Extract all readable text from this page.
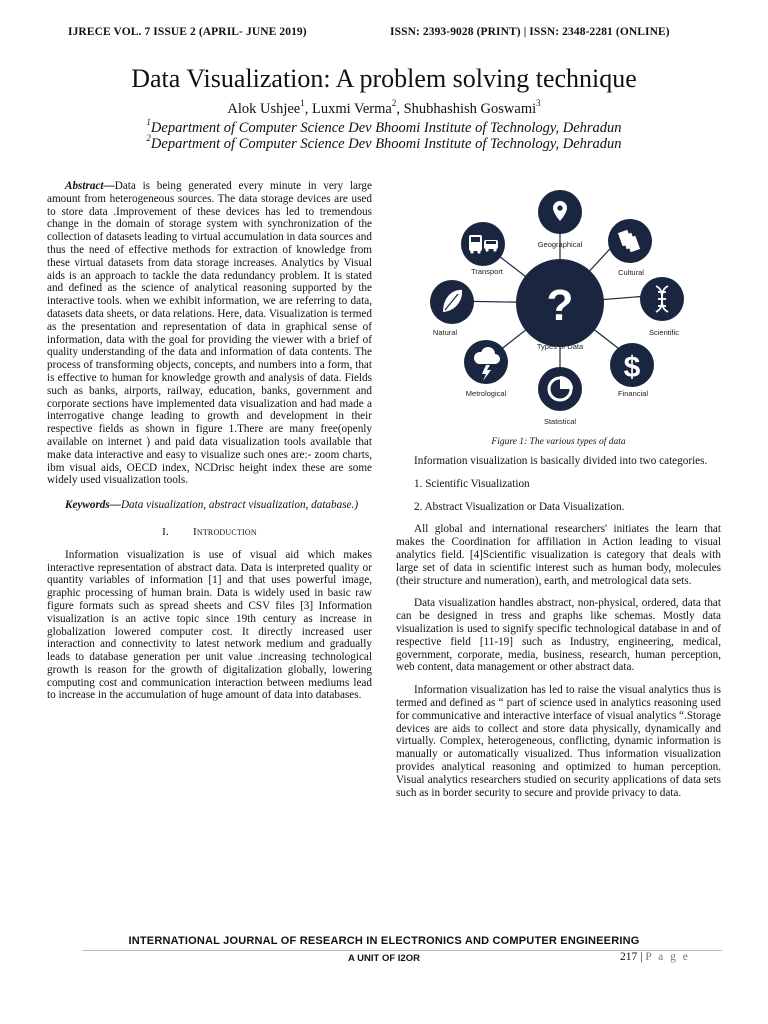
IJRECE VOL. 7 ISSUE 2 (APRIL- JUNE 2019)	ISSN: 2393-9028 (PRINT) | ISSN: 2348-2281 (ONLINE)
Data Visualization: A problem solving technique
Alok Ushjee$^1$, Luxmi Verma$^2$, Shubhashish Goswami$^3$
$^1$Department of Computer Science Dev Bhoomi Institute of Technology, Dehradun
$^2$Department of Computer Science Dev Bhoomi Institute of Technology, Dehradun

Abstract—Data is being generated every minute in very large amount from heterogeneous sources. The data storage devices are used to store data .Improvement of these devices has led to tremendous change in the domain of storage system with synchronization of the collection of datasets leading to virtual accumulation in data sources and thus the need of effective methods for extraction of knowledge from these virtual datasets from data storage increases. Analytics by Visual aids is an approach to tackle the data redundancy problem. It is stated and defined as the science of analytical reasoning supported by the interactive tools. when we exhibit information, we are referring to data, datasets data sheets, or data relations. Here, data. Visualization is termed as the presentation and representation of data in graphical sense of information, data with the goal for providing the viewer with a brief of quality understanding of the data and information of data contents. The process of transforming objects, concepts, and numbers into a form, that is effective to human for knowledge growth and analysis of data. Fields such as banks, airports, railway, education, banks, government and corporate sections have implemented data visualization and had made a interrogative change leading to growth and development in their respective fields as shown in figure 1.There are many free(openly available on internet ) and paid data visualization tools available that make data interactive and easy to visualize such ones are:- zoom charts, ibm visual aids, OECD index, NCDrisc height index these are some widely used visualization tools.

Keywords—Data visualization, abstract visualization, database.)

I. Introduction

Information visualization is use of visual aid which makes interactive representation of abstract data. Data is interpreted quality or quantity variables of information [1] and that uses powerful image, graphic processing of human brain. Data is widely used in basic raw figure formats such as spread sheets and CSV files [3] Information visualization is an active topic since 19th century as increase in globalization lowered computer cost. It directly increased user interaction and connectivity to latest network medium and gradually leads to database generation per unit value .increasing technological growth is reason for the growth of digitalization globally, lowering computing cost and communication interaction between mediums lead to increase in the accumulation of huge amount of data into databases.

?
Types of Data
Geographical
Cultural
Scientific
$
Financial
Statistical
Metrological
Natural
Transport
Figure 1: The various types of data

Information visualization is basically divided into two categories.

1. Scientific Visualization
2. Abstract Visualization or Data Visualization.

All global and international researchers' initiates the learn that makes the Coordination for affiliation in Action leading to visual analytics field. [4]Scientific visualization is category that deals with large set of data in scientific interest such as human body, molecules (their structure and numeration), earth, and metrological data sets.

Data visualization handles abstract, non-physical, ordered, data that can be designed in tress and graphs like schemas. Mostly data visualization is used to signify specific technological database in and of respective field [11-19] such as Industry, engineering, medical, government, corporate, media, business, research, human perception, web content, data management or other abstract data.

Information visualization has led to raise the visual analytics thus is termed and defined as “ part of science used in analytics reasoning used for communicative and interactive interface of visual analytics “.Storage devices are aids to collect and store data physically, dynamically and virtually. Complex, heterogeneous, conflicting, dynamic information is manually or automatically visualized. Thus information visualization provides analytical reasoning and optimized to human perception. Visual analytics researchers studied on security applications of data sets such as in border security to secure and provide privacy to data.

INTERNATIONAL JOURNAL OF RESEARCH IN ELECTRONICS AND COMPUTER ENGINEERING
A UNIT OF I2OR	217 | P a g e
